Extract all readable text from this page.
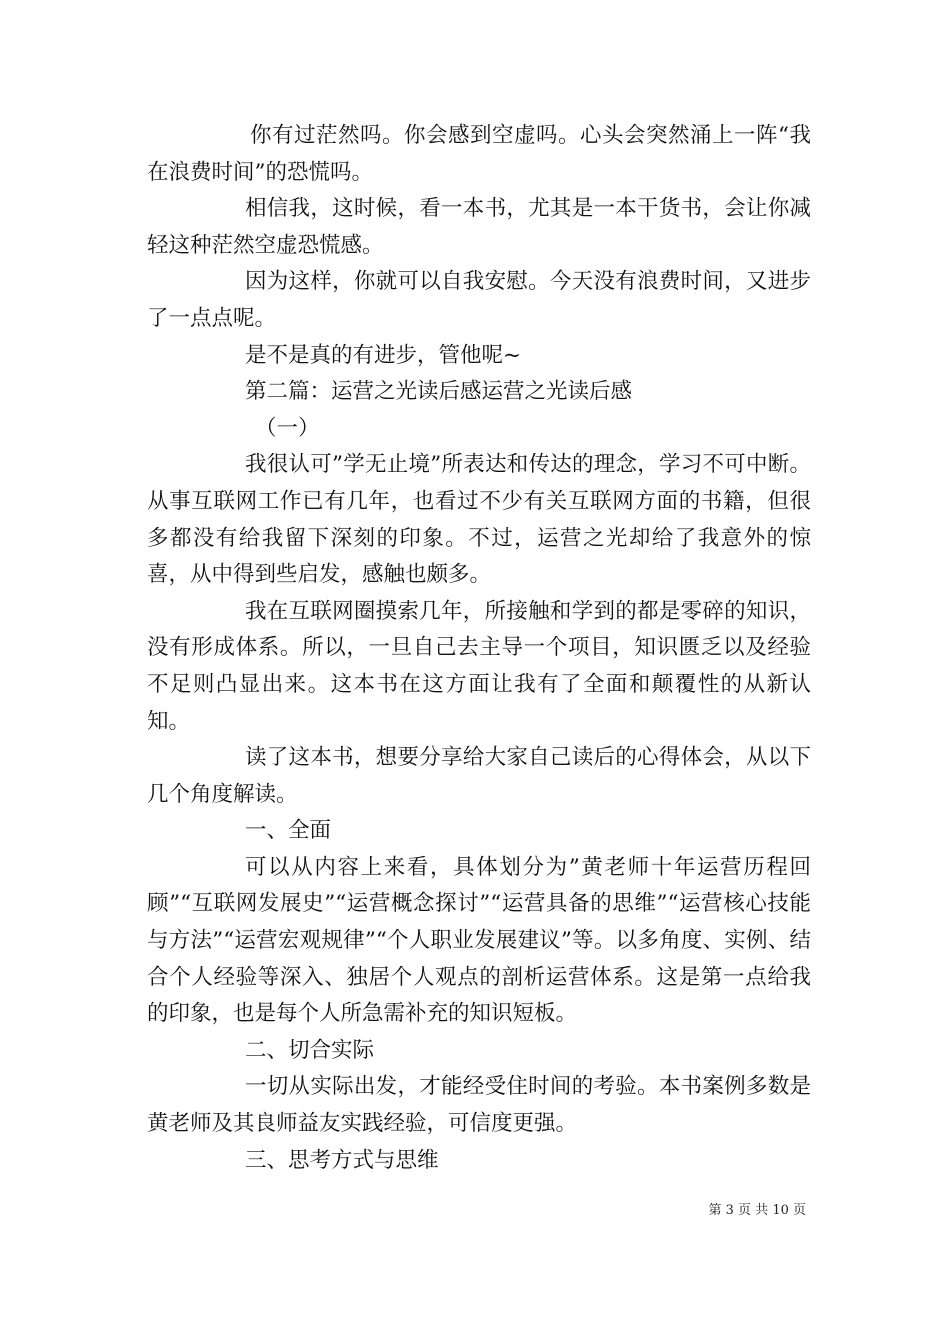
你有过茫然吗。你会感到空虚吗。心头会突然涌上一阵“我在浪费时间”的恐慌吗。

相信我，这时候，看一本书，尤其是一本干货书，会让你减轻这种茫然空虚恐慌感。

因为这样，你就可以自我安慰。今天没有浪费时间，又进步了一点点呢。

是不是真的有进步，管他呢~

第二篇：运营之光读后感运营之光读后感

（一）

我很认可”学无止境”所表达和传达的理念，学习不可中断。从事互联网工作已有几年，也看过不少有关互联网方面的书籍，但很多都没有给我留下深刻的印象。不过，运营之光却给了我意外的惊喜，从中得到些启发，感触也颇多。

我在互联网圈摸索几年，所接触和学到的都是零碎的知识，没有形成体系。所以，一旦自己去主导一个项目，知识匮乏以及经验不足则凸显出来。这本书在这方面让我有了全面和颠覆性的从新认知。

读了这本书，想要分享给大家自己读后的心得体会，从以下几个角度解读。

一、全面

可以从内容上来看，具体划分为”黄老师十年运营历程回顾”“互联网发展史”“运营概念探讨”“运营具备的思维”“运营核心技能与方法”“运营宏观规律”“个人职业发展建议”等。以多角度、实例、结合个人经验等深入、独居个人观点的剖析运营体系。这是第一点给我的印象，也是每个人所急需补充的知识短板。

二、切合实际

一切从实际出发，才能经受住时间的考验。本书案例多数是黄老师及其良师益友实践经验，可信度更强。

三、思考方式与思维

第 3 页 共 10 页
